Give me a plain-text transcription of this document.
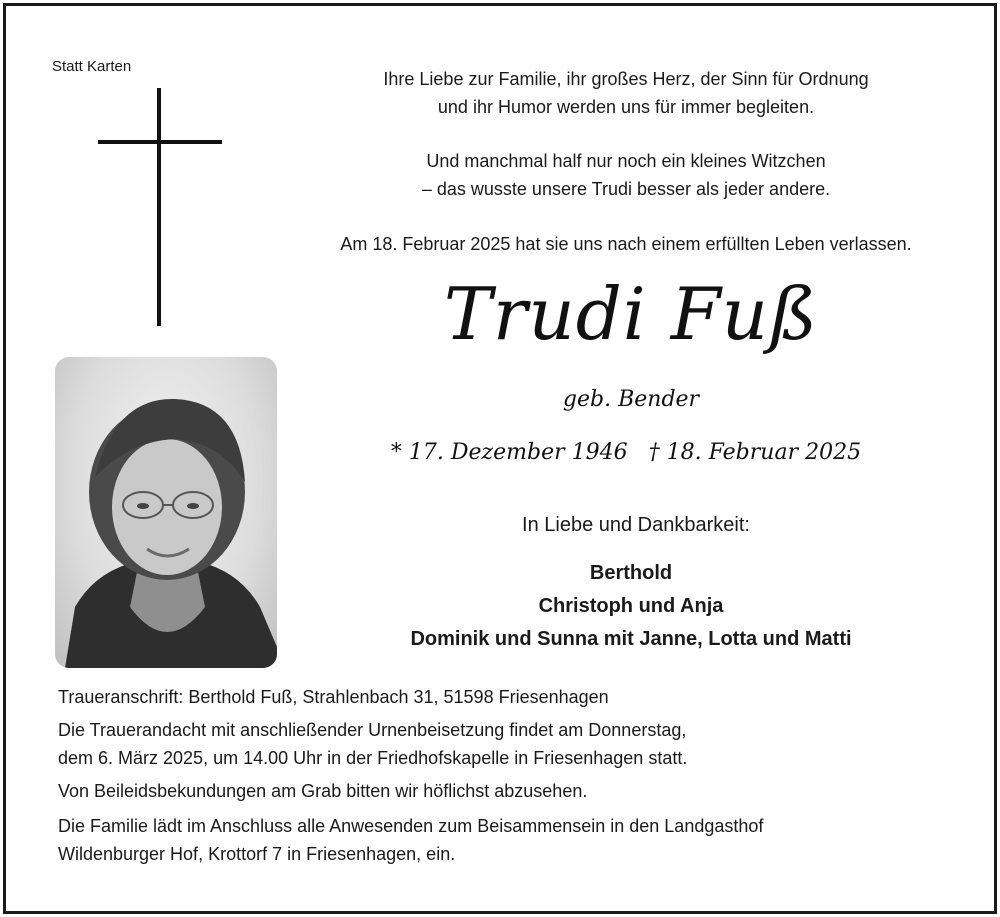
Statt Karten
Ihre Liebe zur Familie, ihr großes Herz, der Sinn für Ordnung
und ihr Humor werden uns für immer begleiten.
Und manchmal half nur noch ein kleines Witzchen
– das wusste unsere Trudi besser als jeder andere.
Am 18. Februar 2025 hat sie uns nach einem erfüllten Leben verlassen.
Trudi Fuß
geb. Bender
* 17. Dezember 1946 † 18. Februar 2025
In Liebe und Dankbarkeit:
Berthold
Christoph und Anja
Dominik und Sunna mit Janne, Lotta und Matti
Traueranschrift: Berthold Fuß, Strahlenbach 31, 51598 Friesenhagen
Die Trauerandacht mit anschließender Urnenbeisetzung findet am Donnerstag,
dem 6. März 2025, um 14.00 Uhr in der Friedhofskapelle in Friesenhagen statt.
Von Beileidsbekundungen am Grab bitten wir höflichst abzusehen.
Die Familie lädt im Anschluss alle Anwesenden zum Beisammensein in den Landgasthof
Wildenburger Hof, Krottorf 7 in Friesenhagen, ein.
